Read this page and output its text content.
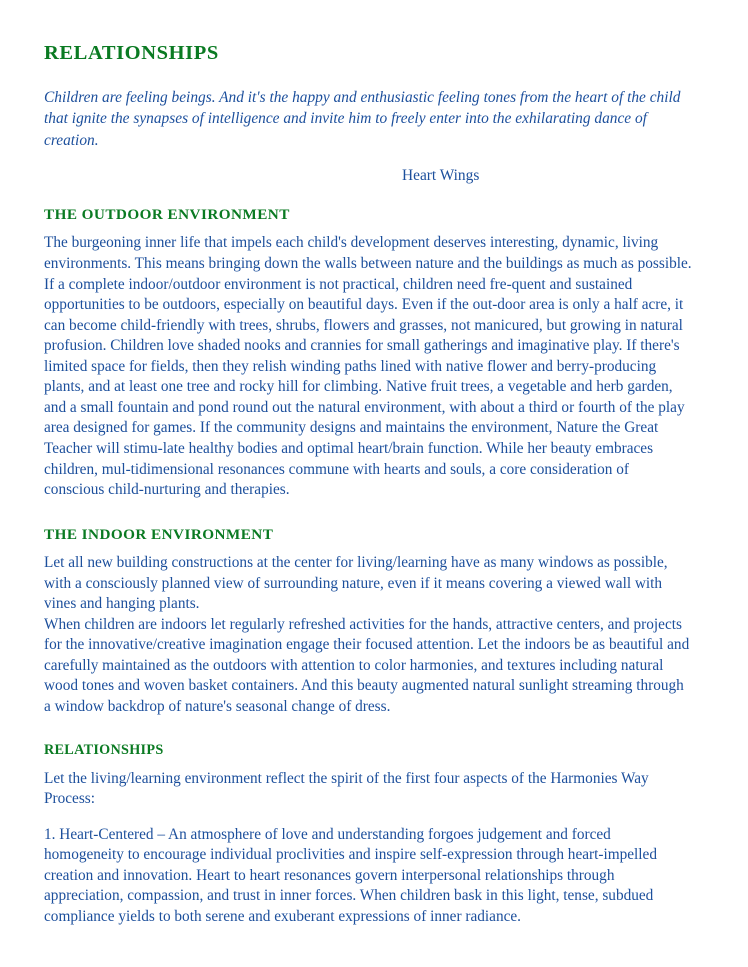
RELATIONSHIPS

Children are feeling beings. And it's the happy and enthusiastic feeling tones from the heart of the child that ignite the synapses of intelligence and invite him to freely enter into the exhilarating dance of creation.

Heart Wings

THE OUTDOOR ENVIRONMENT

The burgeoning inner life that impels each child's development deserves interesting, dynamic, living environments. This means bringing down the walls between nature and the buildings as much as possible. If a complete indoor/outdoor environment is not practical, children need fre-quent and sustained opportunities to be outdoors, especially on beautiful days. Even if the out-door area is only a half acre, it can become child-friendly with trees, shrubs, flowers and grasses, not manicured, but growing in natural profusion. Children love shaded nooks and crannies for small gatherings and imaginative play. If there's limited space for fields, then they relish winding paths lined with native flower and berry-producing plants, and at least one tree and rocky hill for climbing. Native fruit trees, a vegetable and herb garden, and a small fountain and pond round out the natural environment, with about a third or fourth of the play area designed for games. If the community designs and maintains the environment, Nature the Great Teacher will stimu-late healthy bodies and optimal heart/brain function. While her beauty embraces children, mul-tidimensional resonances commune with hearts and souls, a core consideration of conscious child-nurturing and therapies.

THE INDOOR ENVIRONMENT

Let all new building constructions at the center for living/learning have as many windows as possible, with a consciously planned view of surrounding nature, even if it means covering a viewed wall with vines and hanging plants.

When children are indoors let regularly refreshed activities for the hands, attractive centers, and projects for the innovative/creative imagination engage their focused attention. Let the indoors be as beautiful and carefully maintained as the outdoors with attention to color harmonies, and textures including natural wood tones and woven basket containers. And this beauty augmented natural sunlight streaming through a window backdrop of nature's seasonal change of dress.

RELATIONSHIPS

Let the living/learning environment reflect the spirit of the first four aspects of the Harmonies Way Process:

1. Heart-Centered – An atmosphere of love and understanding forgoes judgement and forced homogeneity to encourage individual proclivities and inspire self-expression through heart-impelled creation and innovation. Heart to heart resonances govern interpersonal relationships through appreciation, compassion, and trust in inner forces. When children bask in this light, tense, subdued compliance yields to both serene and exuberant expressions of inner radiance.
